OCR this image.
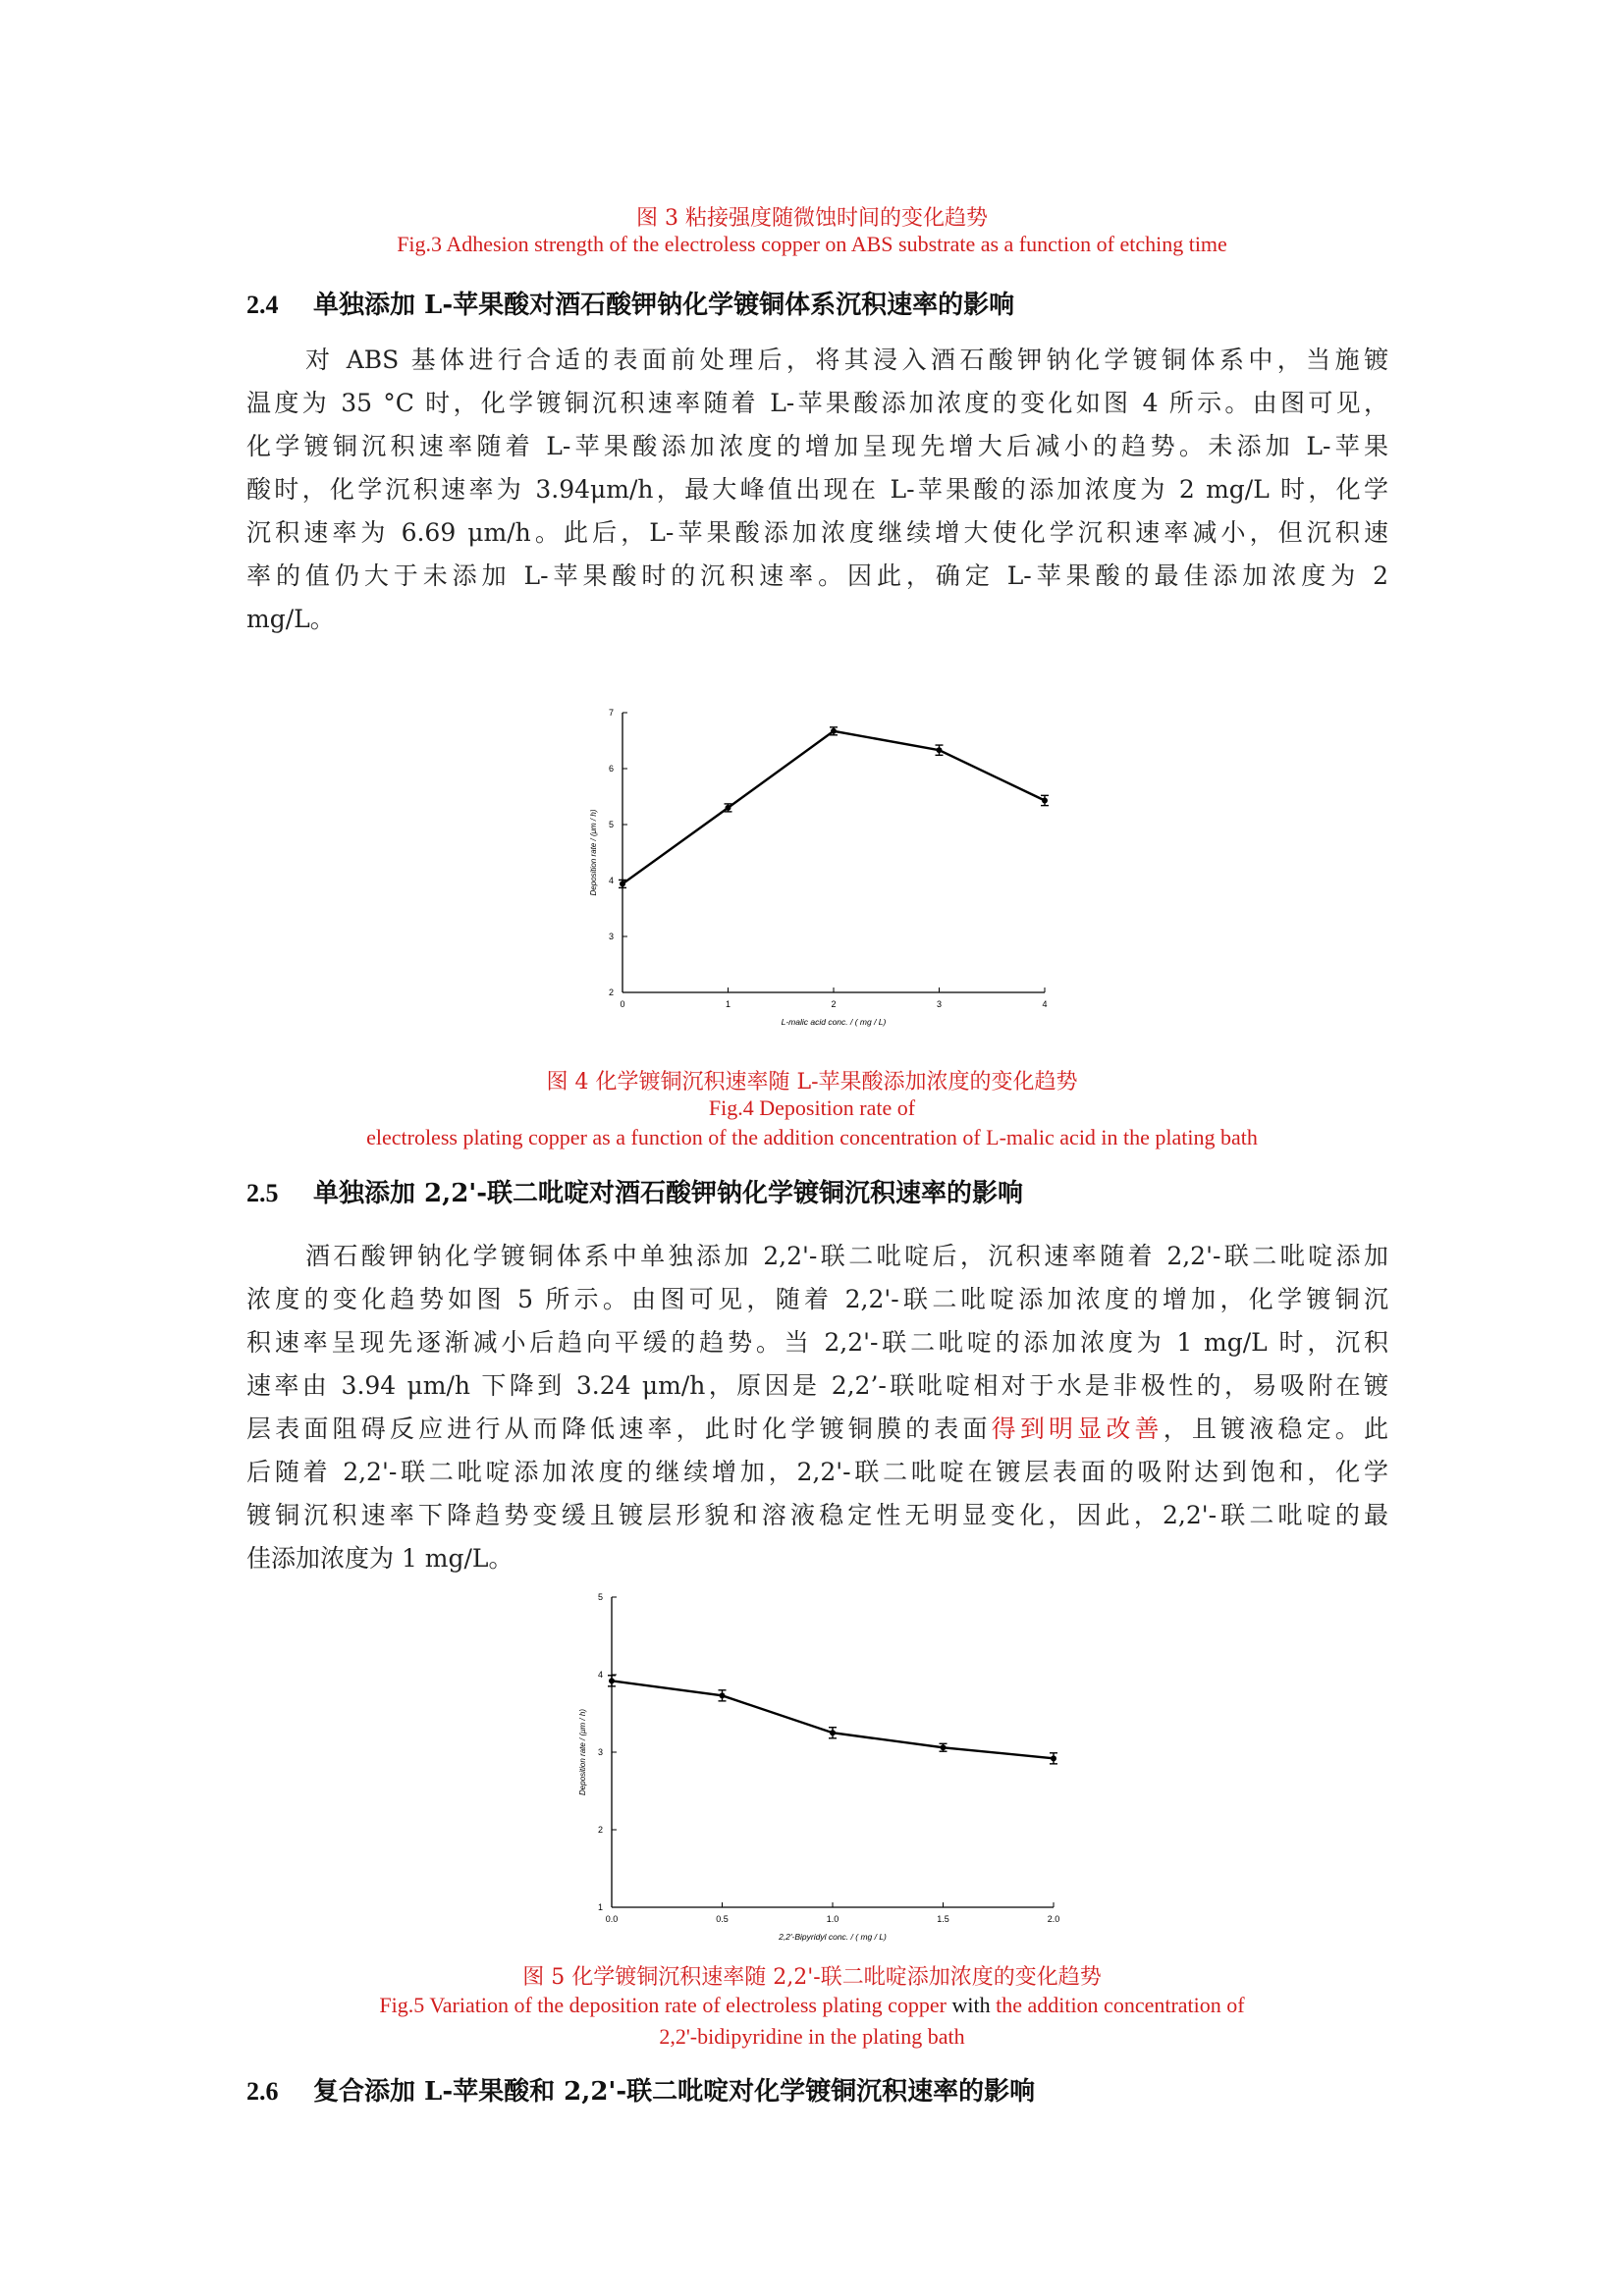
图 3 粘接强度随微蚀时间的变化趋势
Fig.3 Adhesion strength of the electroless copper on ABS substrate as a function of etching time
2.4 单独添加 L-苹果酸对酒石酸钾钠化学镀铜体系沉积速率的影响
对 ABS 基体进行合适的表面前处理后，将其浸入酒石酸钾钠化学镀铜体系中，当施镀
温度为 35 °C 时，化学镀铜沉积速率随着 L-苹果酸添加浓度的变化如图 4 所示。由图可见，
化学镀铜沉积速率随着 L-苹果酸添加浓度的增加呈现先增大后减小的趋势。未添加 L-苹果
酸时，化学沉积速率为 3.94μm/h，最大峰值出现在 L-苹果酸的添加浓度为 2 mg/L 时，化学
沉积速率为 6.69 μm/h。此后，L-苹果酸添加浓度继续增大使化学沉积速率减小，但沉积速
率的值仍大于未添加 L-苹果酸时的沉积速率。因此，确定 L-苹果酸的最佳添加浓度为 2
mg/L。
0	1	2	3	4
2
3
4
5
6
7
L-malic acid conc. / ( mg / L)
Deposition rate / (μm / h)
图 4 化学镀铜沉积速率随 L-苹果酸添加浓度的变化趋势
Fig.4 Deposition rate of
electroless plating copper as a function of the addition concentration of L-malic acid in the plating bath
2.5 单独添加 2,2'-联二吡啶对酒石酸钾钠化学镀铜沉积速率的影响
酒石酸钾钠化学镀铜体系中单独添加 2,2'-联二吡啶后，沉积速率随着 2,2'-联二吡啶添加
浓度的变化趋势如图 5 所示。由图可见，随着 2,2'-联二吡啶添加浓度的增加，化学镀铜沉
积速率呈现先逐渐减小后趋向平缓的趋势。当 2,2'-联二吡啶的添加浓度为 1 mg/L 时，沉积
速率由 3.94 μm/h 下降到 3.24 μm/h，原因是 2,2’-联吡啶相对于水是非极性的，易吸附在镀
层表面阻碍反应进行从而降低速率，此时化学镀铜膜的表面得到明显改善，且镀液稳定。此
后随着 2,2'-联二吡啶添加浓度的继续增加，2,2'-联二吡啶在镀层表面的吸附达到饱和，化学
镀铜沉积速率下降趋势变缓且镀层形貌和溶液稳定性无明显变化，因此，2,2'-联二吡啶的最
佳添加浓度为 1 mg/L。
0.0	0.5	1.0	1.5	2.0
1
2
3
4
5
2,2'-Bipyridyl conc. / ( mg / L)
Deposition rate / (μm / h)
图 5 化学镀铜沉积速率随 2,2'-联二吡啶添加浓度的变化趋势
Fig.5 Variation of the deposition rate of electroless plating copper with the addition concentration of
2,2'-bidipyridine in the plating bath
2.6 复合添加 L-苹果酸和 2,2'-联二吡啶对化学镀铜沉积速率的影响
